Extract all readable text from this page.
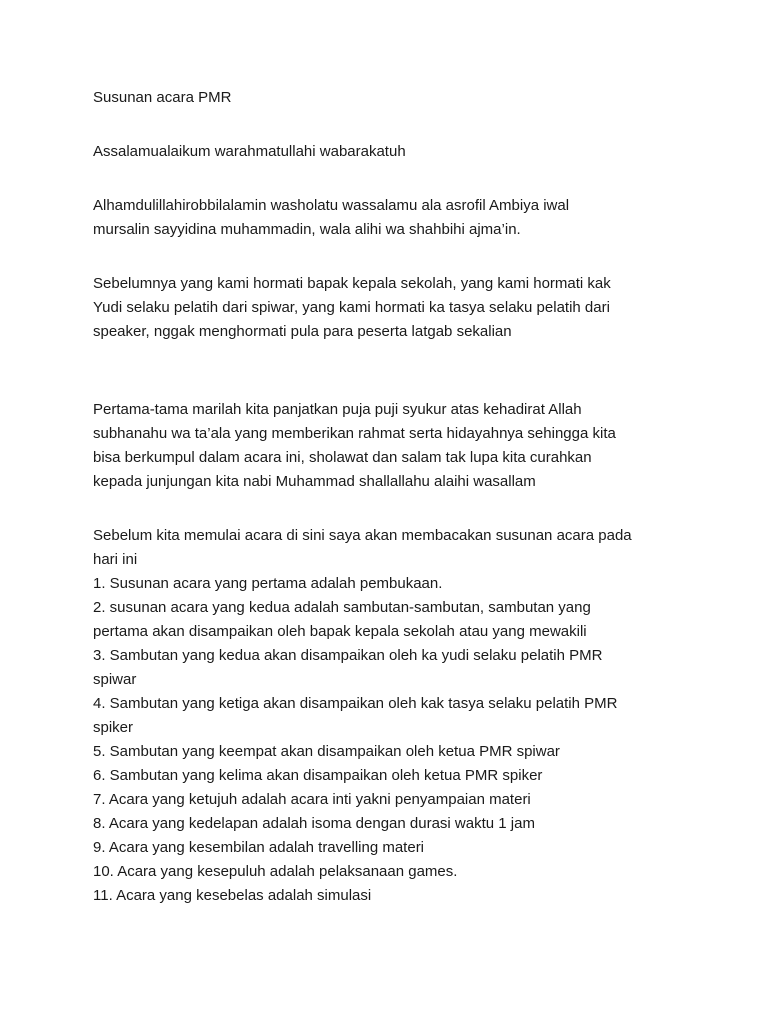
Susunan acara PMR

Assalamualaikum warahmatullahi wabarakatuh

Alhamdulillahirobbilalamin washolatu wassalamu ala asrofil Ambiya iwal
mursalin sayyidina muhammadin, wala alihi wa shahbihi ajma’in.

Sebelumnya yang kami hormati bapak kepala sekolah, yang kami hormati kak
Yudi selaku pelatih dari spiwar, yang kami hormati ka tasya selaku pelatih dari
speaker, nggak menghormati pula para peserta latgab sekalian

Pertama-tama marilah kita panjatkan puja puji syukur atas kehadirat Allah
subhanahu wa ta’ala yang memberikan rahmat serta hidayahnya sehingga kita
bisa berkumpul dalam acara ini, sholawat dan salam tak lupa kita curahkan
kepada junjungan kita nabi Muhammad shallallahu alaihi wasallam

Sebelum kita memulai acara di sini saya akan membacakan susunan acara pada
hari ini

1. Susunan acara yang pertama adalah pembukaan.
2. susunan acara yang kedua adalah sambutan-sambutan, sambutan yang
pertama akan disampaikan oleh bapak kepala sekolah atau yang mewakili
3. Sambutan yang kedua akan disampaikan oleh ka yudi selaku pelatih PMR
spiwar
4. Sambutan yang ketiga akan disampaikan oleh kak tasya selaku pelatih PMR
spiker
5. Sambutan yang keempat akan disampaikan oleh ketua PMR spiwar
6. Sambutan yang kelima akan disampaikan oleh ketua PMR spiker
7. Acara yang ketujuh adalah acara inti yakni penyampaian materi
8. Acara yang kedelapan adalah isoma dengan durasi waktu 1 jam
9. Acara yang kesembilan adalah travelling materi
10. Acara yang kesepuluh adalah pelaksanaan games.
11. Acara yang kesebelas adalah simulasi
